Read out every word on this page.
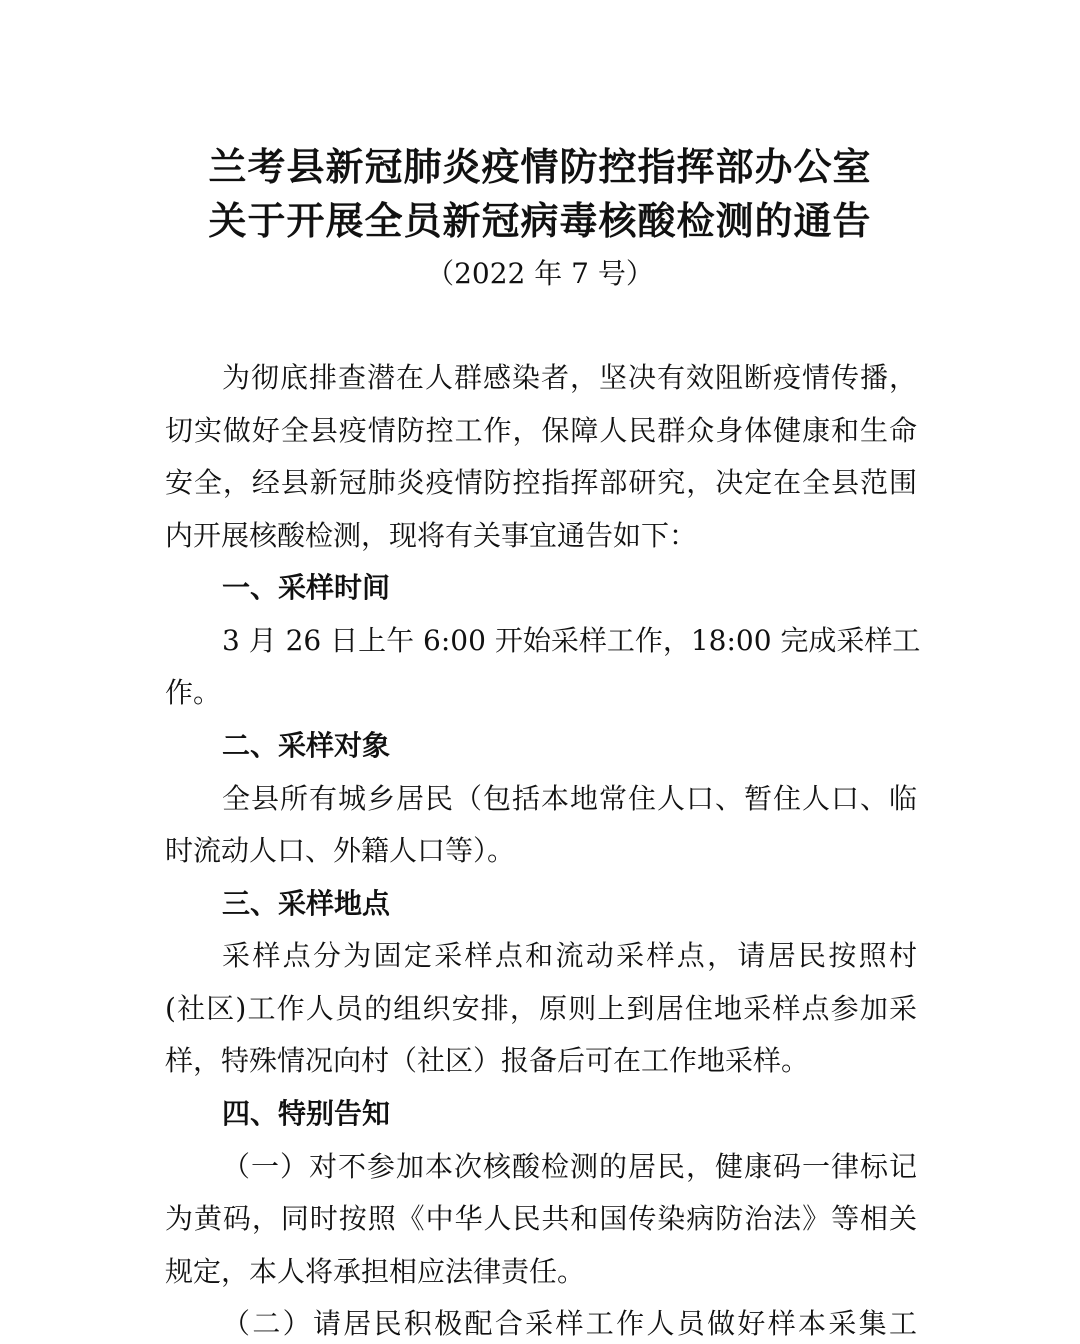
兰考县新冠肺炎疫情防控指挥部办公室
关于开展全员新冠病毒核酸检测的通告
（2022 年 7 号）
为彻底排查潜在人群感染者，坚决有效阻断疫情传播，
切实做好全县疫情防控工作，保障人民群众身体健康和生命
安全，经县新冠肺炎疫情防控指挥部研究，决定在全县范围
内开展核酸检测，现将有关事宜通告如下：
一、采样时间
3 月 26 日上午 6:00 开始采样工作，18:00 完成采样工
作。
二、采样对象
全县所有城乡居民（包括本地常住人口、暂住人口、临
时流动人口、外籍人口等）。
三、采样地点
采样点分为固定采样点和流动采样点，请居民按照村
(社区)工作人员的组织安排，原则上到居住地采样点参加采
样，特殊情况向村（社区）报备后可在工作地采样。
四、特别告知
（一）对不参加本次核酸检测的居民，健康码一律标记
为黄码，同时按照《中华人民共和国传染病防治法》等相关
规定，本人将承担相应法律责任。
（二）请居民积极配合采样工作人员做好样本采集工
